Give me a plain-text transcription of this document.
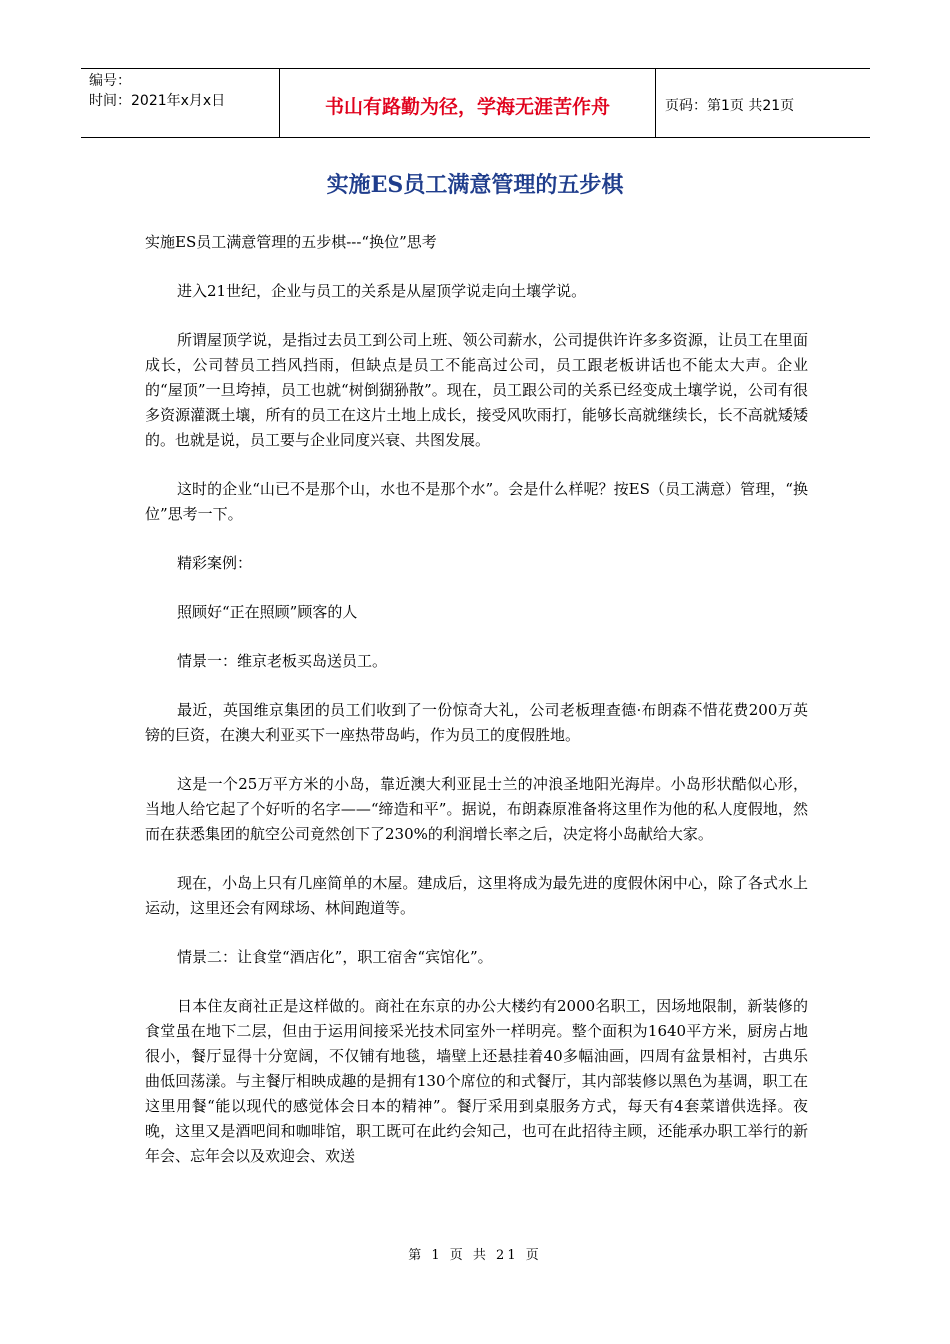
编号：
时间：2021年x月x日	书山有路勤为径，学海无涯苦作舟	页码：第1页 共21页
实施ES员工满意管理的五步棋

实施ES员工满意管理的五步棋---“换位”思考

进入21世纪，企业与员工的关系是从屋顶学说走向土壤学说。

所谓屋顶学说，是指过去员工到公司上班、领公司薪水，公司提供许许多多资源，让员工在里面成长，公司替员工挡风挡雨，但缺点是员工不能高过公司，员工跟老板讲话也不能太大声。企业的“屋顶”一旦垮掉，员工也就“树倒猢狲散”。现在，员工跟公司的关系已经变成土壤学说，公司有很多资源灌溉土壤，所有的员工在这片土地上成长，接受风吹雨打，能够长高就继续长，长不高就矮矮的。也就是说，员工要与企业同度兴衰、共图发展。

这时的企业“山已不是那个山，水也不是那个水”。会是什么样呢？按ES（员工满意）管理，“换位”思考一下。

精彩案例：

照顾好“正在照顾”顾客的人

情景一：维京老板买岛送员工。

最近，英国维京集团的员工们收到了一份惊奇大礼，公司老板理查德·布朗森不惜花费200万英镑的巨资，在澳大利亚买下一座热带岛屿，作为员工的度假胜地。

这是一个25万平方米的小岛，靠近澳大利亚昆士兰的冲浪圣地阳光海岸。小岛形状酷似心形，当地人给它起了个好听的名字——“缔造和平”。据说，布朗森原准备将这里作为他的私人度假地，然而在获悉集团的航空公司竟然创下了230%的利润增长率之后，决定将小岛献给大家。

现在，小岛上只有几座简单的木屋。建成后，这里将成为最先进的度假休闲中心，除了各式水上运动，这里还会有网球场、林间跑道等。

情景二：让食堂“酒店化”，职工宿舍“宾馆化”。

日本住友商社正是这样做的。商社在东京的办公大楼约有2000名职工，因场地限制，新装修的食堂虽在地下二层，但由于运用间接采光技术同室外一样明亮。整个面积为1640平方米，厨房占地很小，餐厅显得十分宽阔，不仅铺有地毯，墙壁上还悬挂着40多幅油画，四周有盆景相衬，古典乐曲低回荡漾。与主餐厅相映成趣的是拥有130个席位的和式餐厅，其内部装修以黑色为基调，职工在这里用餐“能以现代的感觉体会日本的精神”。餐厅采用到桌服务方式，每天有4套菜谱供选择。夜晚，这里又是酒吧间和咖啡馆，职工既可在此约会知己，也可在此招待主顾，还能承办职工举行的新年会、忘年会以及欢迎会、欢送

第 1 页 共 21 页
